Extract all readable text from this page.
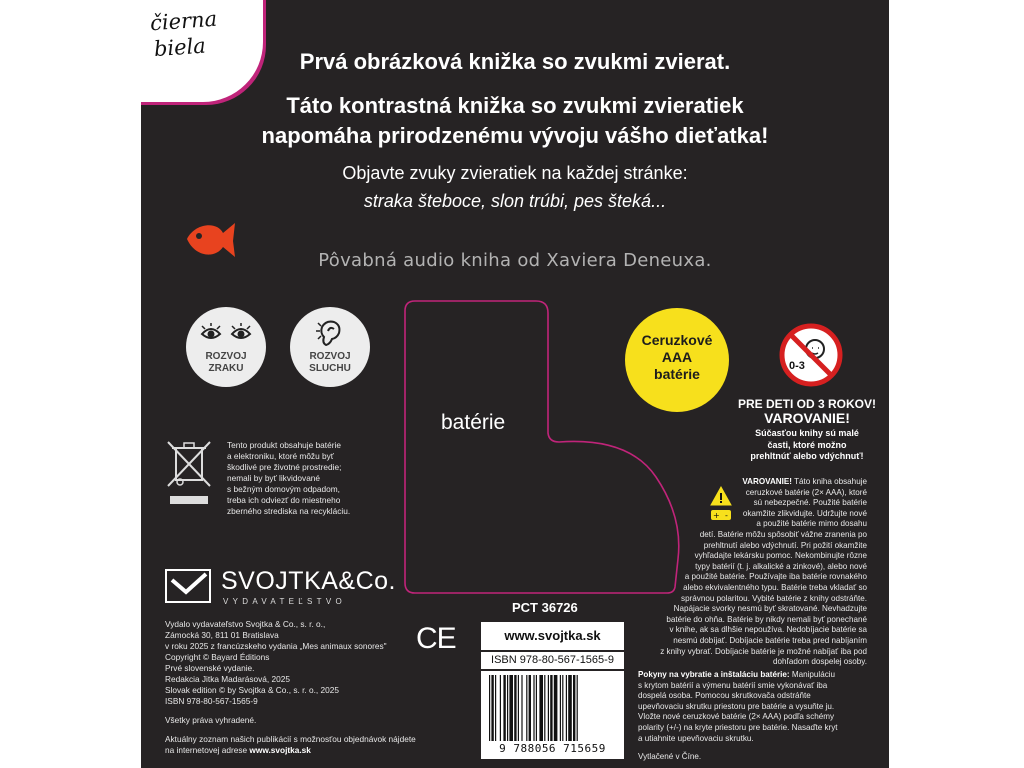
čierna
biela
Prvá obrázková knižka so zvukmi zvierat.
Táto kontrastná knižka so zvukmi zvieratiek
napomáha prirodzenému vývoju vášho dieťatka!
Objavte zvuky zvieratiek na každej stránke:
straka šteboce, slon trúbi, pes šteká...
Pôvabná audio kniha od Xaviera Deneuxa.
ROZVOJ
ZRAKU
ROZVOJ
SLUCHU
batérie
Ceruzkové
AAA
batérie	0-3
PRE DETI OD 3 ROKOV!
VAROVANIE!
Súčasťou knihy sú malé
časti, ktoré možno
prehltnúť alebo vdýchnuť!
Tento produkt obsahuje batérie
a elektroniku, ktoré môžu byť
škodlivé pre životné prostredie;
nemali by byť likvidované
s bežným domovým odpadom,
treba ich odviezť do miestneho
zberného strediska na recykláciu.
SVOJTKA&Co.
VYDAVATEĽSTVO
Vydalo vydavateľstvo Svojtka & Co., s. r. o.,
Zámocká 30, 811 01 Bratislava
v roku 2025 z francúzskeho vydania „Mes animaux sonores"
Copyright © Bayard Éditions
Prvé slovenské vydanie.
Redakcia Jitka Madarásová, 2025
Slovak edition © by Svojtka & Co., s. r. o., 2025
ISBN 978-80-567-1565-9
Všetky práva vyhradené.
Aktuálny zoznam našich publikácií s možnosťou objednávok nájdete
na internetovej adrese www.svojtka.sk
CE
PCT 36726
www.svojtka.sk
ISBN 978-80-567-1565-9
9 788056 715659
+ -
VAROVANIE! Táto kniha obsahuje
ceruzkové batérie (2× AAA), ktoré
sú nebezpečné. Použité batérie
okamžite zlikvidujte. Udržujte nové
a použité batérie mimo dosahu
detí. Batérie môžu spôsobiť vážne zranenia po
prehltnutí alebo vdýchnutí. Pri požití okamžite
vyhľadajte lekársku pomoc. Nekombinujte rôzne
typy batérií (t. j. alkalické a zinkové), alebo nové
a použité batérie. Používajte iba batérie rovnakého
alebo ekvivalentného typu. Batérie treba vkladať so
správnou polaritou. Vybité batérie z knihy odstráňte.
Napájacie svorky nesmú byť skratované. Nevhadzujte
batérie do ohňa. Batérie by nikdy nemali byť ponechané
v knihe, ak sa dlhšie nepoužíva. Nedobíjacie batérie sa
nesmú dobíjať. Dobíjacie batérie treba pred nabíjaním
z knihy vybrať. Dobíjacie batérie je možné nabíjať iba pod
dohľadom dospelej osoby.
Pokyny na vybratie a inštaláciu batérie: Manipuláciu
s krytom batérií a výmenu batérií smie vykonávať iba
dospelá osoba. Pomocou skrutkovača odstráňte
upevňovaciu skrutku priestoru pre batérie a vysuňte ju.
Vložte nové ceruzkové batérie (2× AAA) podľa schémy
polarity (+/-) na kryte priestoru pre batérie. Nasaďte kryt
a utiahnite upevňovaciu skrutku.
Vytlačené v Číne.
